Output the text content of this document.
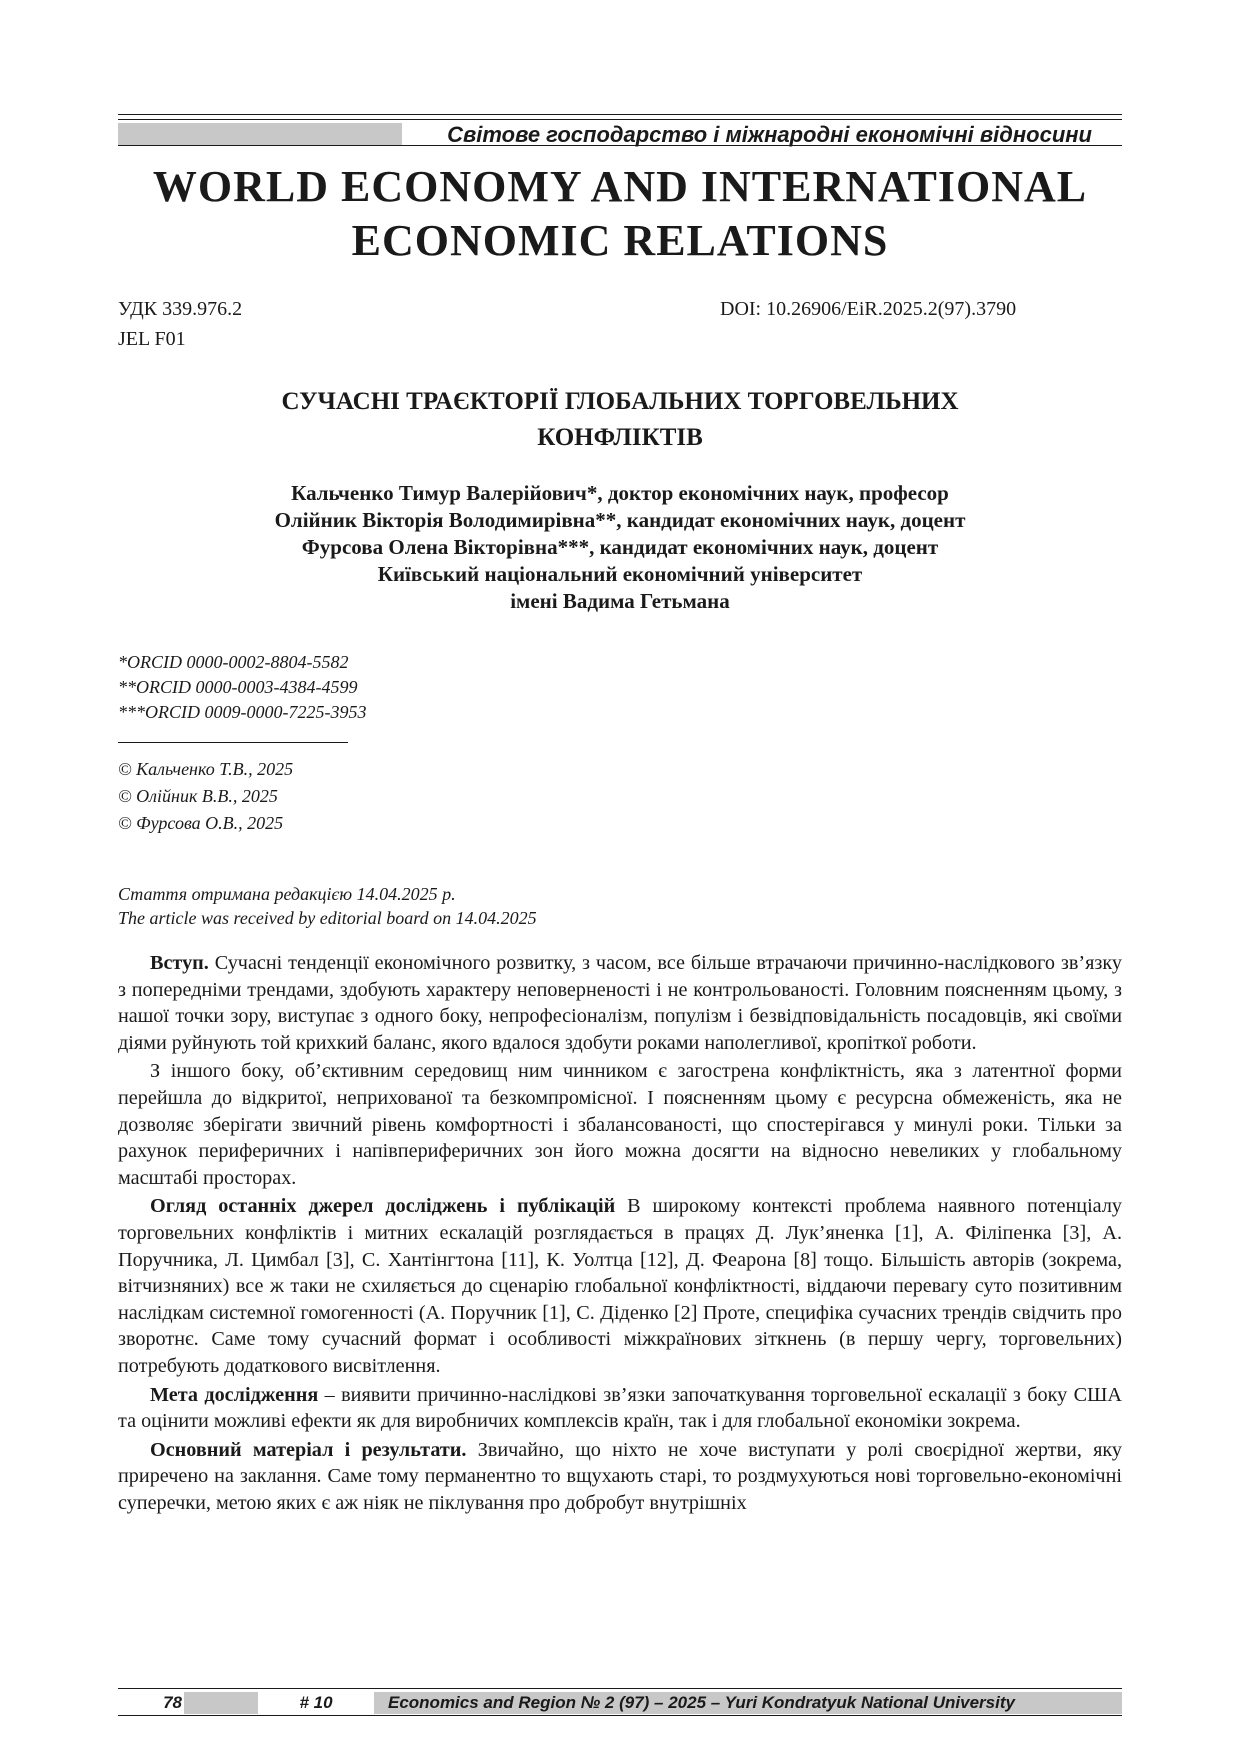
Світове господарство і міжнародні економічні відносини
WORLD ECONOMY AND INTERNATIONAL
ECONOMIC RELATIONS
УДК 339.976.2
JEL F01
DOI: 10.26906/EiR.2025.2(97).3790
СУЧАСНІ ТРАЄКТОРІЇ ГЛОБАЛЬНИХ ТОРГОВЕЛЬНИХ
КОНФЛІКТІВ
Кальченко Тимур Валерійович*, доктор економічних наук, професор
Олійник Вікторія Володимирівна**, кандидат економічних наук, доцент
Фурсова Олена Вікторівна***, кандидат економічних наук, доцент
Київський національний економічний університет
імені Вадима Гетьмана
*ORCID 0000-0002-8804-5582
**ORCID 0000-0003-4384-4599
***ORCID 0009-0000-7225-3953
© Кальченко Т.В., 2025
© Олійник В.В., 2025
© Фурсова О.В., 2025
Стаття отримана редакцією 14.04.2025 р.
The article was received by editorial board on 14.04.2025

Вступ. Сучасні тенденції економічного розвитку, з часом, все більше втрачаючи причинно-наслідкового зв’язку з попередніми трендами, здобують характеру неповерненості і не контрольованості. Головним поясненням цьому, з нашої точки зору, виступає з одного боку, непрофесіоналізм, популізм і безвідповідальність посадовців, які своїми діями руйнують той крихкий баланс, якого вдалося здобути роками наполегливої, кропіткої роботи.

З іншого боку, об’єктивним середовищ ним чинником є загострена конфліктність, яка з латентної форми перейшла до відкритої, неприхованої та безкомпромісної. І поясненням цьому є ресурсна обмеженість, яка не дозволяє зберігати звичний рівень комфортності і збалансованості, що спостерігався у минулі роки. Тільки за рахунок периферичних і напівпериферичних зон його можна досягти на відносно невеликих у глобальному масштабі просторах.

Огляд останніх джерел досліджень і публікацій В широкому контексті проблема наявного потенціалу торговельних конфліктів і митних ескалацій розглядається в працях Д. Лук’яненка [1], А. Філіпенка [3], А. Поручника, Л. Цимбал [3], С. Хантінгтона [11], К. Уолтца [12], Д. Феарона [8] тощо. Більшість авторів (зокрема, вітчизняних) все ж таки не схиляється до сценарію глобальної конфліктності, віддаючи перевагу суто позитивним наслідкам системної гомогенності (А. Поручник [1], С. Діденко [2] Проте, специфіка сучасних трендів свідчить про зворотнє. Саме тому сучасний формат і особливості міжкраїнових зіткнень (в першу чергу, торговельних) потребують додаткового висвітлення.

Мета дослідження – виявити причинно-наслідкові зв’язки започаткування торговельної ескалації з боку США та оцінити можливі ефекти як для виробничих комплексів країн, так і для глобальної економіки зокрема.

Основний матеріал і результати. Звичайно, що ніхто не хоче виступати у ролі своєрідної жертви, яку приречено на заклання. Саме тому перманентно то вщухають старі, то роздмухуються нові торговельно-економічні суперечки, метою яких є аж ніяк не піклування про добробут внутрішніх

78	# 10	Economics and Region № 2 (97) – 2025 – Yuri Kondratyuk National University
